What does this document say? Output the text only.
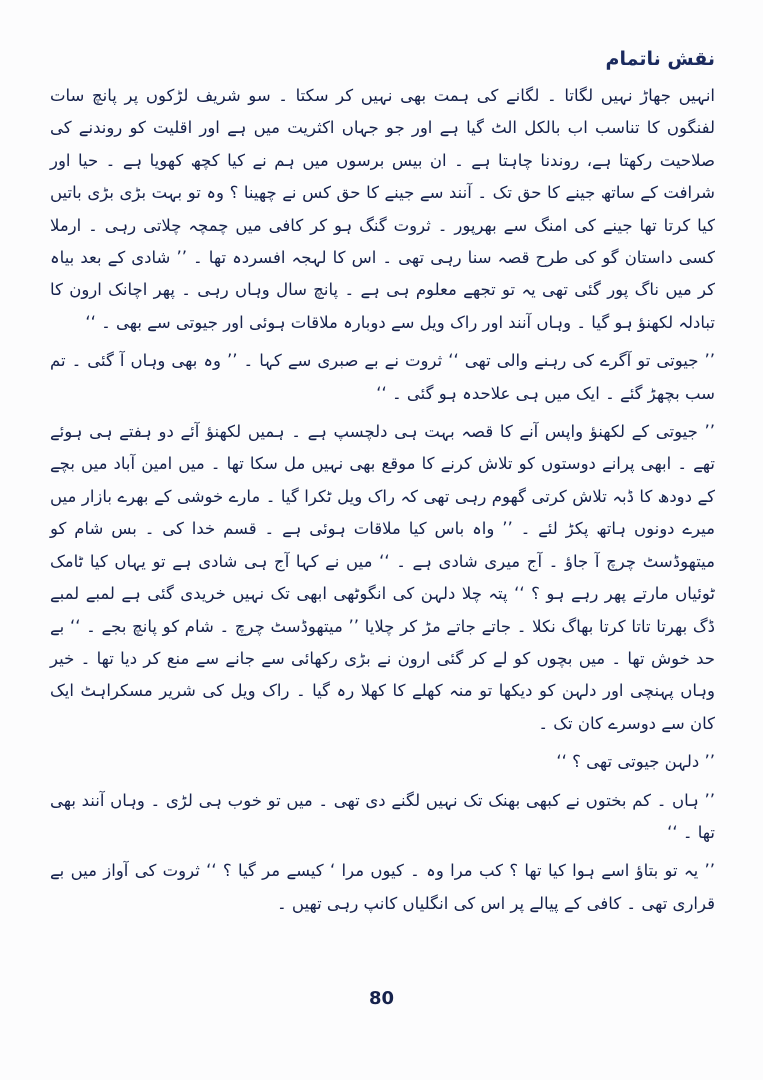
نقش ناتمام

انہیں جھاڑ نہیں لگاتا ۔ لگانے کی ہمت بھی نہیں کر سکتا ۔ سو شریف لڑکوں پر پانچ سات لفنگوں کا تناسب اب بالکل الٹ گیا ہے اور جو جہاں اکثریت میں ہے اور اقلیت کو روندنے کی صلاحیت رکھتا ہے، روندنا چاہتا ہے ۔ ان بیس برسوں میں ہم نے کیا کچھ کھویا ہے ۔ حیا اور شرافت کے ساتھ جینے کا حق تک ۔ آنند سے جینے کا حق کس نے چھینا ؟ وہ تو بہت بڑی بڑی باتیں کیا کرتا تھا جینے کی امنگ سے بھرپور ۔ ثروت گنگ ہو کر کافی میں چمچہ چلاتی رہی ۔ ارملا کسی داستان گو کی طرح قصہ سنا رہی تھی ۔ اس کا لہجہ افسردہ تھا ۔ ’’ شادی کے بعد بیاہ کر میں ناگ پور گئی تھی یہ تو تجھے معلوم ہی ہے ۔ پانچ سال وہاں رہی ۔ پھر اچانک ارون کا تبادلہ لکھنؤ ہو گیا ۔ وہاں آنند اور راک ویل سے دوبارہ ملاقات ہوئی اور جیوتی سے بھی ۔ ‘‘

’’ جیوتی تو آگرے کی رہنے والی تھی ‘‘ ثروت نے بے صبری سے کہا ۔ ’’ وہ بھی وہاں آ گئی ۔ تم سب بچھڑ گئے ۔ ایک میں ہی علاحدہ ہو گئی ۔ ‘‘

’’ جیوتی کے لکھنؤ واپس آنے کا قصہ بہت ہی دلچسپ ہے ۔ ہمیں لکھنؤ آئے دو ہفتے ہی ہوئے تھے ۔ ابھی پرانے دوستوں کو تلاش کرنے کا موقع بھی نہیں مل سکا تھا ۔ میں امین آباد میں بچے کے دودھ کا ڈبہ تلاش کرتی گھوم رہی تھی کہ راک ویل ٹکرا گیا ۔ مارے خوشی کے بھرے بازار میں میرے دونوں ہاتھ پکڑ لئے ۔ ’’ واہ باس کیا ملاقات ہوئی ہے ۔ قسم خدا کی ۔ بس شام کو میتھوڈسٹ چرچ آ جاؤ ۔ آج میری شادی ہے ۔ ‘‘ میں نے کہا آج ہی شادی ہے تو یہاں کیا ٹامک ٹوئیاں مارتے پھر رہے ہو ؟ ‘‘ پتہ چلا دلہن کی انگوٹھی ابھی تک نہیں خریدی گئی ہے لمبے لمبے ڈگ بھرتا تاتا کرتا بھاگ نکلا ۔ جاتے جاتے مڑ کر چلایا ’’ میتھوڈسٹ چرچ ۔ شام کو پانچ بجے ۔ ‘‘ بے حد خوش تھا ۔ میں بچوں کو لے کر گئی ارون نے بڑی رکھائی سے جانے سے منع کر دیا تھا ۔ خیر وہاں پہنچی اور دلہن کو دیکھا تو منہ کھلے کا کھلا رہ گیا ۔ راک ویل کی شریر مسکراہٹ ایک کان سے دوسرے کان تک ۔

’’ دلہن جیوتی تھی ؟ ‘‘

’’ ہاں ۔ کم بختوں نے کبھی بھنک تک نہیں لگنے دی تھی ۔ میں تو خوب ہی لڑی ۔ وہاں آنند بھی تھا ۔ ‘‘

’’ یہ تو بتاؤ اسے ہوا کیا تھا ؟ کب مرا وہ ۔ کیوں مرا ‘ کیسے مر گیا ؟ ‘‘ ثروت کی آواز میں بے قراری تھی ۔ کافی کے پیالے پر اس کی انگلیاں کانپ رہی تھیں ۔

80
